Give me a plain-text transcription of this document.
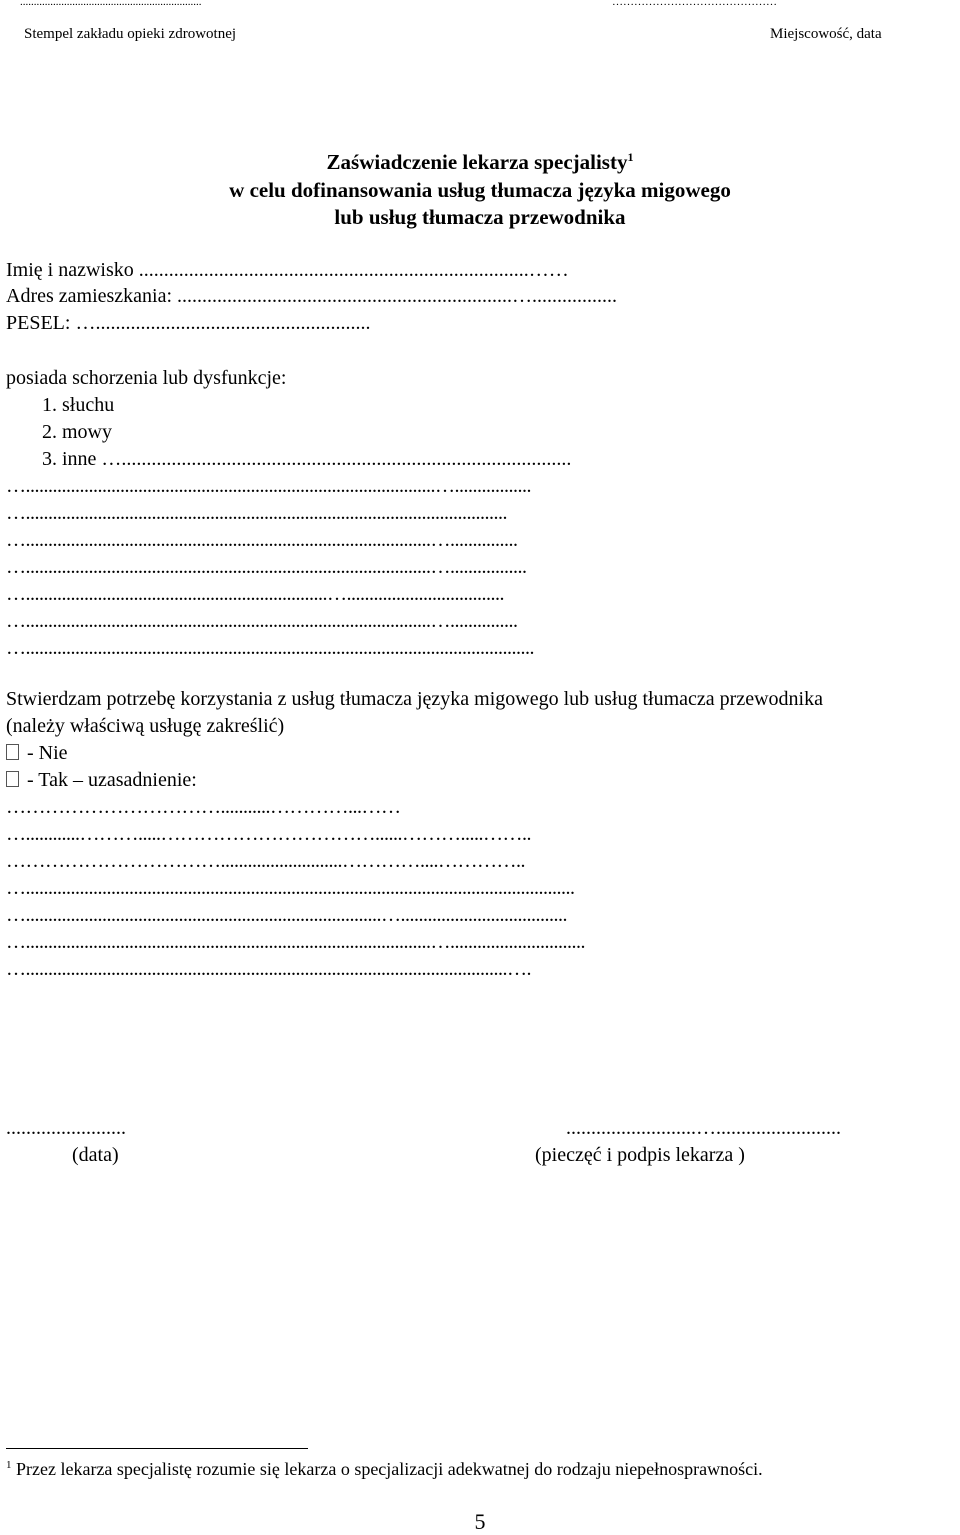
..................................................................	………………………………………
Stempel zakładu opieki zdrowotnej	Miejscowość, data
Zaświadczenie lekarza specjalisty$^1$
w celu dofinansowania usług tłumacza języka migowego
lub usług tłumacza przewodnika
Imię i nazwisko ..............................................................................……
Adres zamieszkania: ...................................................................….................
PESEL: ….......................................................
posiada schorzenia lub dysfunkcje:
1. słuchu
2. mowy
3. inne …..........................................................................................
…...........................................................................................….................
…...........................................................................................................
…..........................................................................................…...............
…..........................................................................................….................
…...................................................................…...................................
…..........................................................................................…...............
….................................................................................................................
Stwierdzam potrzebę korzystania z usług tłumacza języka migowego lub usług tłumacza przewodnika
(należy właściwą usługę zakreślić)
- Nie
- Tak – uzasadnienie:
……………………………...........…………...……
…............……….....……………………………......……….....……..
……………………………...........................…………....…………..
…..........................................................................................................................
…...............................................................................….....................................
…..........................................................................................…..............................
…...........................................................................................................….
........................	..........................….........................
(data)	(pieczęć i podpis lekarza )
$^1$ Przez lekarza specjalistę rozumie się lekarza o specjalizacji adekwatnej do rodzaju niepełnosprawności.
5
